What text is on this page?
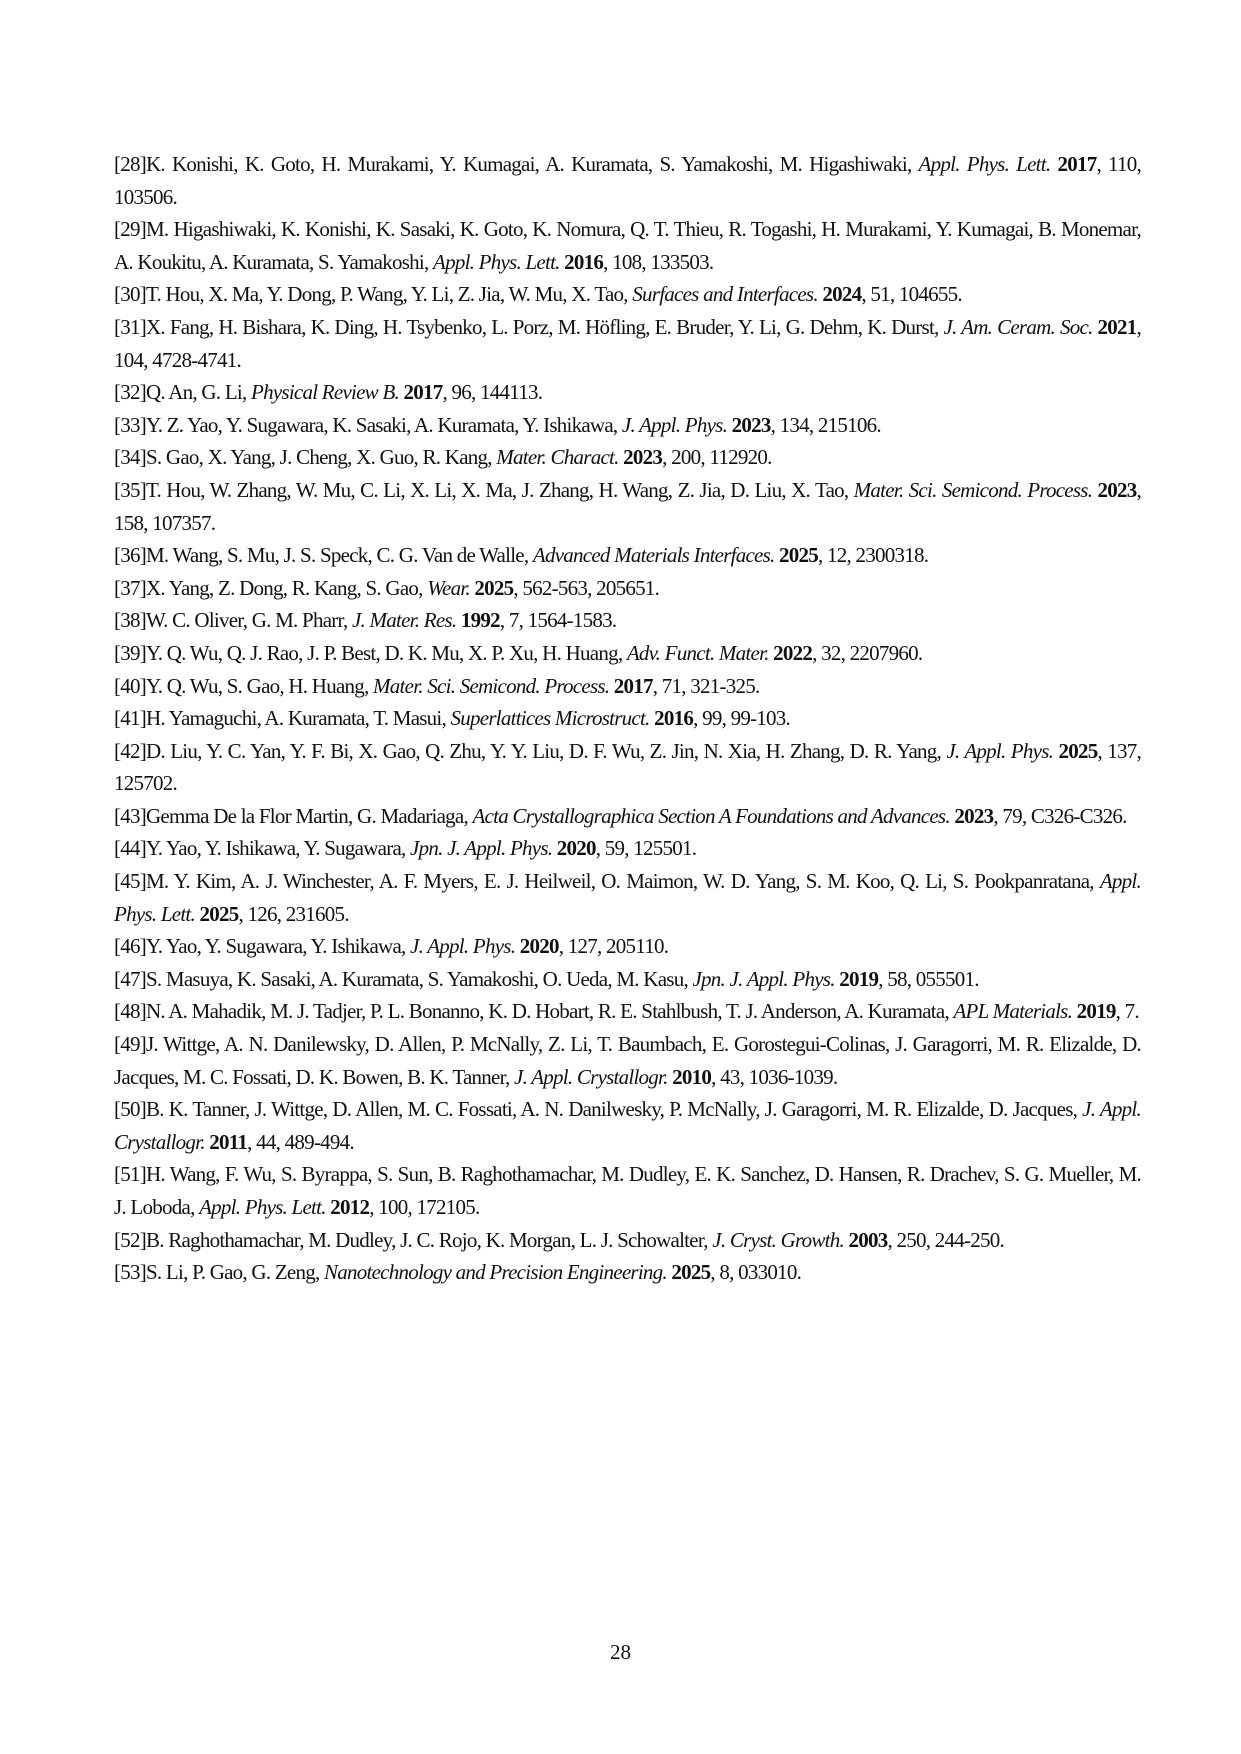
[28]K. Konishi, K. Goto, H. Murakami, Y. Kumagai, A. Kuramata, S. Yamakoshi, M. Higashiwaki, Appl. Phys. Lett. 2017, 110, 103506.

[29]M. Higashiwaki, K. Konishi, K. Sasaki, K. Goto, K. Nomura, Q. T. Thieu, R. Togashi, H. Murakami, Y. Kumagai, B. Monemar, A. Koukitu, A. Kuramata, S. Yamakoshi, Appl. Phys. Lett. 2016, 108, 133503.

[30]T. Hou, X. Ma, Y. Dong, P. Wang, Y. Li, Z. Jia, W. Mu, X. Tao, Surfaces and Interfaces. 2024, 51, 104655.

[31]X. Fang, H. Bishara, K. Ding, H. Tsybenko, L. Porz, M. Höfling, E. Bruder, Y. Li, G. Dehm, K. Durst, J. Am. Ceram. Soc. 2021, 104, 4728-4741.

[32]Q. An, G. Li, Physical Review B. 2017, 96, 144113.

[33]Y. Z. Yao, Y. Sugawara, K. Sasaki, A. Kuramata, Y. Ishikawa, J. Appl. Phys. 2023, 134, 215106.

[34]S. Gao, X. Yang, J. Cheng, X. Guo, R. Kang, Mater. Charact. 2023, 200, 112920.

[35]T. Hou, W. Zhang, W. Mu, C. Li, X. Li, X. Ma, J. Zhang, H. Wang, Z. Jia, D. Liu, X. Tao, Mater. Sci. Semicond. Process. 2023, 158, 107357.

[36]M. Wang, S. Mu, J. S. Speck, C. G. Van de Walle, Advanced Materials Interfaces. 2025, 12, 2300318.

[37]X. Yang, Z. Dong, R. Kang, S. Gao, Wear. 2025, 562-563, 205651.

[38]W. C. Oliver, G. M. Pharr, J. Mater. Res. 1992, 7, 1564-1583.

[39]Y. Q. Wu, Q. J. Rao, J. P. Best, D. K. Mu, X. P. Xu, H. Huang, Adv. Funct. Mater. 2022, 32, 2207960.

[40]Y. Q. Wu, S. Gao, H. Huang, Mater. Sci. Semicond. Process. 2017, 71, 321-325.

[41]H. Yamaguchi, A. Kuramata, T. Masui, Superlattices Microstruct. 2016, 99, 99-103.

[42]D. Liu, Y. C. Yan, Y. F. Bi, X. Gao, Q. Zhu, Y. Y. Liu, D. F. Wu, Z. Jin, N. Xia, H. Zhang, D. R. Yang, J. Appl. Phys. 2025, 137, 125702.

[43]Gemma De la Flor Martin, G. Madariaga, Acta Crystallographica Section A Foundations and Advances. 2023, 79, C326-C326.

[44]Y. Yao, Y. Ishikawa, Y. Sugawara, Jpn. J. Appl. Phys. 2020, 59, 125501.

[45]M. Y. Kim, A. J. Winchester, A. F. Myers, E. J. Heilweil, O. Maimon, W. D. Yang, S. M. Koo, Q. Li, S. Pookpanratana, Appl. Phys. Lett. 2025, 126, 231605.

[46]Y. Yao, Y. Sugawara, Y. Ishikawa, J. Appl. Phys. 2020, 127, 205110.

[47]S. Masuya, K. Sasaki, A. Kuramata, S. Yamakoshi, O. Ueda, M. Kasu, Jpn. J. Appl. Phys. 2019, 58, 055501.

[48]N. A. Mahadik, M. J. Tadjer, P. L. Bonanno, K. D. Hobart, R. E. Stahlbush, T. J. Anderson, A. Kuramata, APL Materials. 2019, 7.

[49]J. Wittge, A. N. Danilewsky, D. Allen, P. McNally, Z. Li, T. Baumbach, E. Gorostegui-Colinas, J. Garagorri, M. R. Elizalde, D. Jacques, M. C. Fossati, D. K. Bowen, B. K. Tanner, J. Appl. Crystallogr. 2010, 43, 1036-1039.

[50]B. K. Tanner, J. Wittge, D. Allen, M. C. Fossati, A. N. Danilwesky, P. McNally, J. Garagorri, M. R. Elizalde, D. Jacques, J. Appl. Crystallogr. 2011, 44, 489-494.

[51]H. Wang, F. Wu, S. Byrappa, S. Sun, B. Raghothamachar, M. Dudley, E. K. Sanchez, D. Hansen, R. Drachev, S. G. Mueller, M. J. Loboda, Appl. Phys. Lett. 2012, 100, 172105.

[52]B. Raghothamachar, M. Dudley, J. C. Rojo, K. Morgan, L. J. Schowalter, J. Cryst. Growth. 2003, 250, 244-250.

[53]S. Li, P. Gao, G. Zeng, Nanotechnology and Precision Engineering. 2025, 8, 033010.

28
